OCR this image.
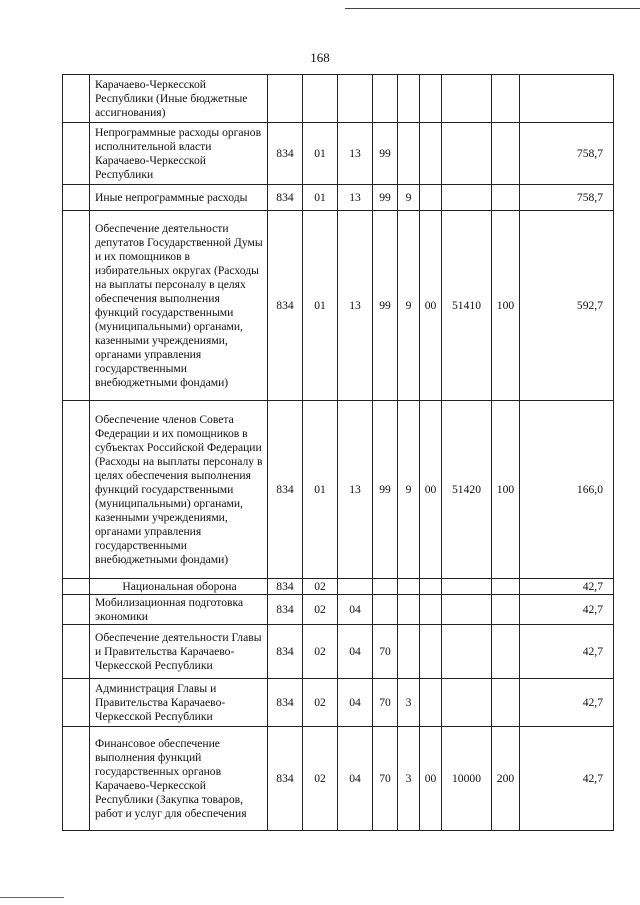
168
	Карачаево-Черкесской Республики (Иные бюджетные ассигнования)									
	Непрограммные расходы органов исполнительной власти Карачаево-Черкесской Республики	834	01	13	99					758,7
	Иные непрограммные расходы	834	01	13	99	9				758,7
	Обеспечение деятельности депутатов Государственной Думы и их помощников в избирательных округах (Расходы на выплаты персоналу в целях обеспечения выполнения функций государственными (муниципальными) органами, казенными учреждениями, органами управления государственными внебюджетными фондами)	834	01	13	99	9	00	51410	100	592,7
	Обеспечение членов Совета Федерации и их помощников в субъектах Российской Федерации (Расходы на выплаты персоналу в целях обеспечения выполнения функций государственными (муниципальными) органами, казенными учреждениями, органами управления государственными внебюджетными фондами)	834	01	13	99	9	00	51420	100	166,0
	Национальная оборона	834	02							42,7
	Мобилизационная подготовка экономики	834	02	04						42,7
	Обеспечение деятельности Главы и Правительства Карачаево-Черкесской Республики	834	02	04	70					42,7
	Администрация Главы и Правительства Карачаево-Черкесской Республики	834	02	04	70	3				42,7
	Финансовое обеспечение выполнения функций государственных органов Карачаево-Черкесской Республики (Закупка товаров, работ и услуг для обеспечения	834	02	04	70	3	00	10000	200	42,7
